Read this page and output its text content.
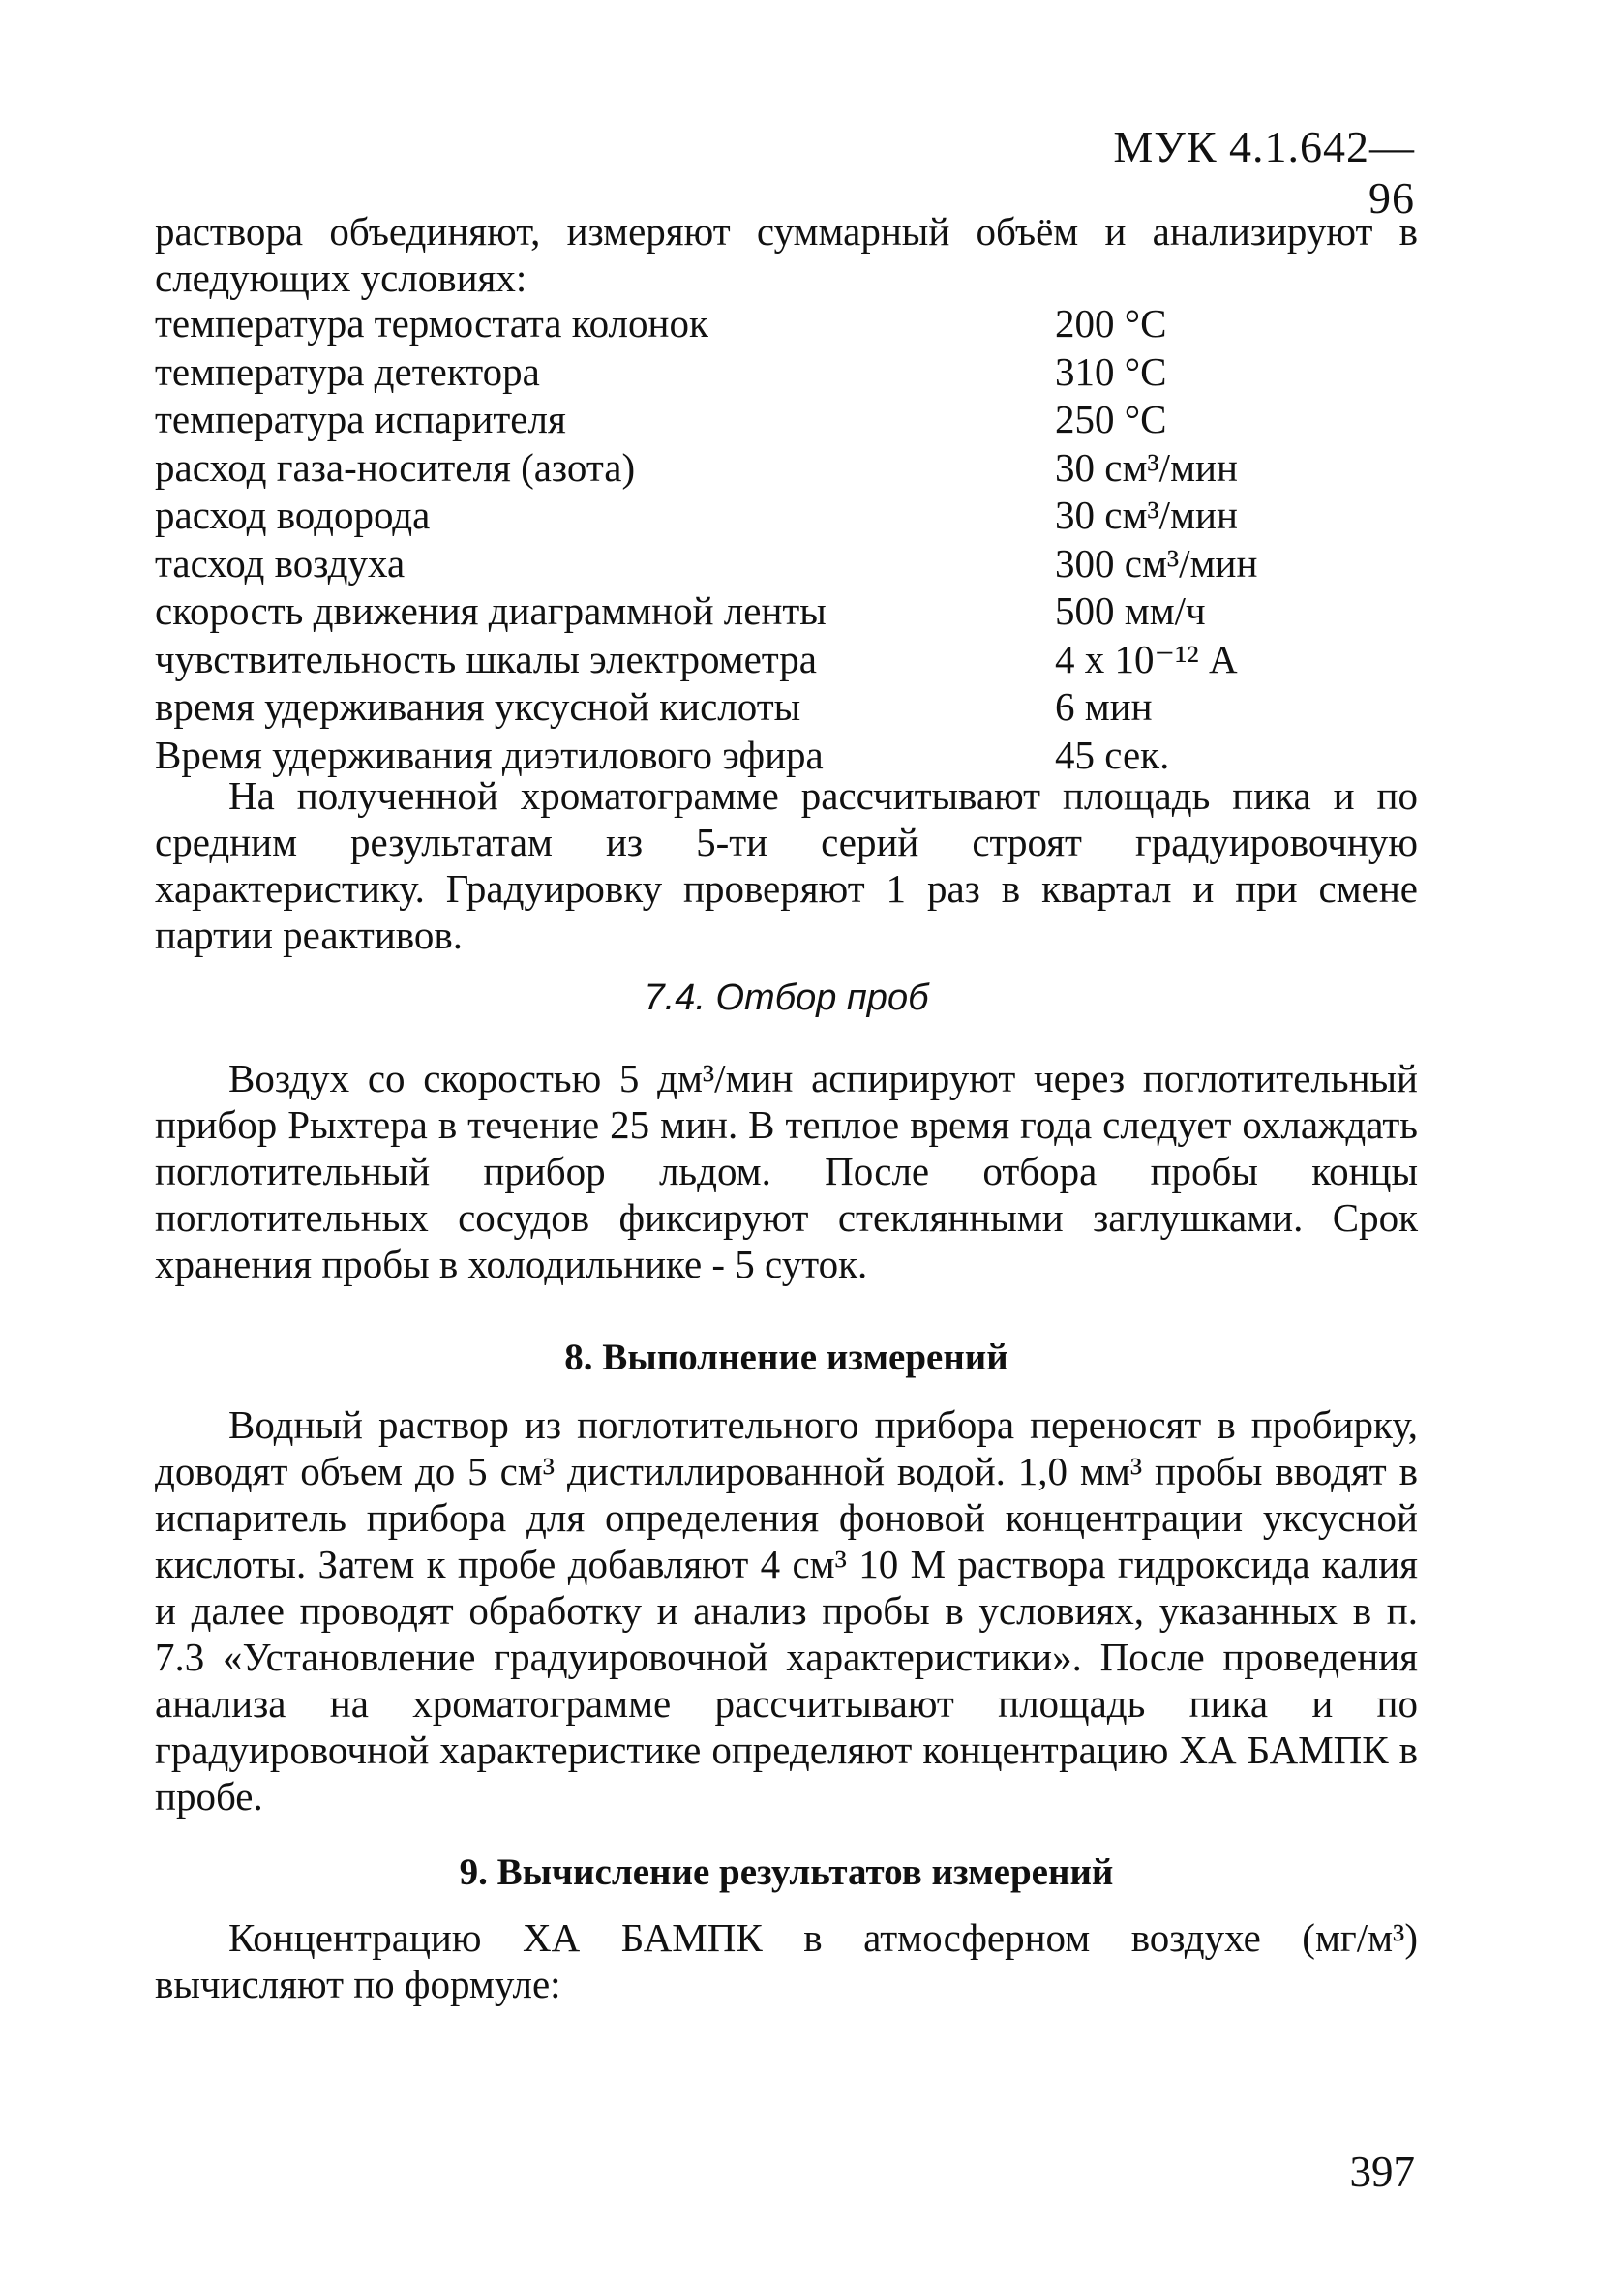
МУК 4.1.642—96

раствора объединяют, измеряют суммарный объём и анализируют в следующих условиях:

температура термостата колонок	200 °С
температура детектора	310 °С
температура испарителя	250 °С
расход газа-носителя (азота)	30 см³/мин
расход водорода	30 см³/мин
тасход воздуха	300 см³/мин
скорость движения диаграммной ленты	500 мм/ч
чувствительность шкалы электрометра	4 х 10⁻¹² А
время удерживания уксусной кислоты	6 мин
Время удерживания диэтилового эфира	45 сек.

На полученной хроматограмме рассчитывают площадь пика и по средним результатам из 5-ти серий строят градуировочную характеристику. Градуировку проверяют 1 раз в квартал и при смене партии реактивов.

7.4. Отбор проб

Воздух со скоростью 5 дм³/мин аспирируют через поглотительный прибор Рыхтера в течение 25 мин. В теплое время года следует охлаждать поглотительный прибор льдом. После отбора пробы концы поглотительных сосудов фиксируют стеклянными заглушками. Срок хранения пробы в холодильнике - 5 суток.

8. Выполнение измерений

Водный раствор из поглотительного прибора переносят в пробирку, доводят объем до 5 см³ дистиллированной водой. 1,0 мм³ пробы вводят в испаритель прибора для определения фоновой концентрации уксусной кислоты. Затем к пробе добавляют 4 см³ 10 М раствора гидроксида калия и далее проводят обработку и анализ пробы в условиях, указанных в п. 7.3 «Установление градуировочной характеристики». После проведения анализа на хроматограмме рассчитывают площадь пика и по градуировочной характеристике определяют концентрацию ХА БАМПК в пробе.

9. Вычисление результатов измерений

Концентрацию ХА БАМПК в атмосферном воздухе (мг/м³) вычисляют по формуле:

397
